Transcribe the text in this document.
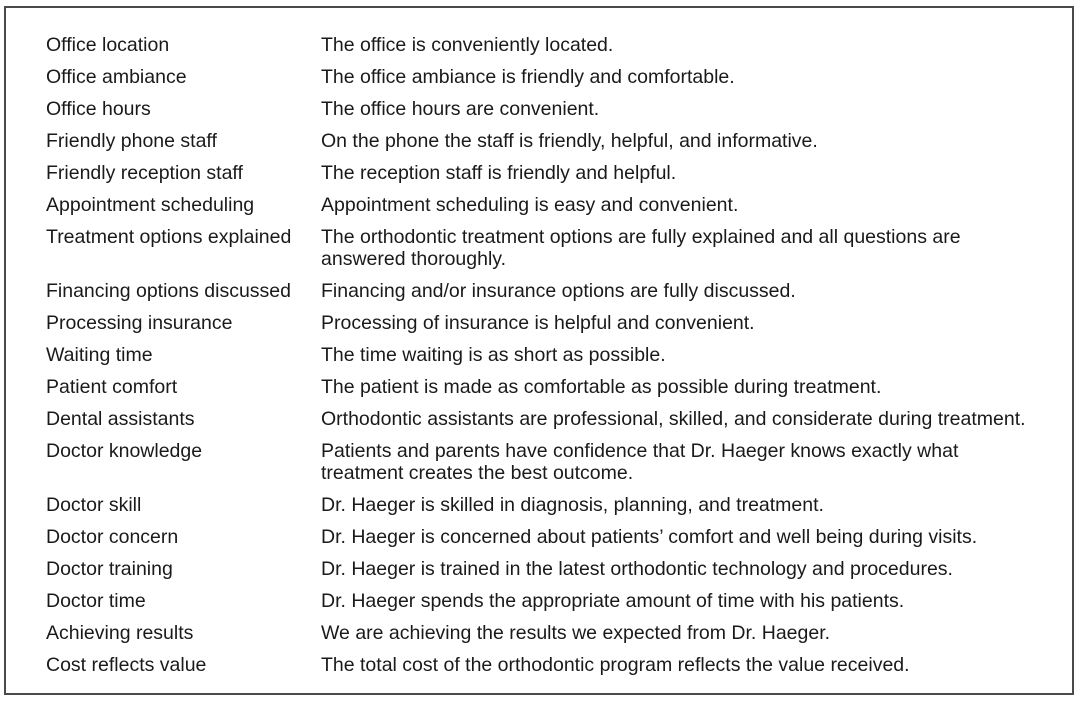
Office location	The office is conveniently located.
Office ambiance	The office ambiance is friendly and comfortable.
Office hours	The office hours are convenient.
Friendly phone staff	On the phone the staff is friendly, helpful, and informative.
Friendly reception staff	The reception staff is friendly and helpful.
Appointment scheduling	Appointment scheduling is easy and convenient.
Treatment options explained	The orthodontic treatment options are fully explained and all questions are answered thoroughly.
Financing options discussed	Financing and/or insurance options are fully discussed.
Processing insurance	Processing of insurance is helpful and convenient.
Waiting time	The time waiting is as short as possible.
Patient comfort	The patient is made as comfortable as possible during treatment.
Dental assistants	Orthodontic assistants are professional, skilled, and considerate during treatment.
Doctor knowledge	Patients and parents have confidence that Dr. Haeger knows exactly what treatment creates the best outcome.
Doctor skill	Dr. Haeger is skilled in diagnosis, planning, and treatment.
Doctor concern	Dr. Haeger is concerned about patients’ comfort and well being during visits.
Doctor training	Dr. Haeger is trained in the latest orthodontic technology and procedures.
Doctor time	Dr. Haeger spends the appropriate amount of time with his patients.
Achieving results	We are achieving the results we expected from Dr. Haeger.
Cost reflects value	The total cost of the orthodontic program reflects the value received.
